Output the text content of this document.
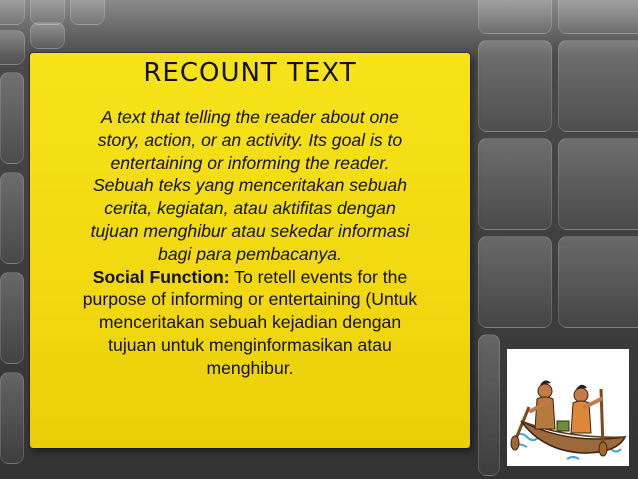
RECOUNT TEXT
A text that telling the reader about one
story, action, or an activity. Its goal is to
entertaining or informing the reader.
Sebuah teks yang menceritakan sebuah
cerita, kegiatan, atau aktifitas dengan
tujuan menghibur atau sekedar informasi
bagi para pembacanya.
Social Function: To retell events for the
purpose of informing or entertaining (Untuk
menceritakan sebuah kejadian dengan
tujuan untuk menginformasikan atau
menghibur.
